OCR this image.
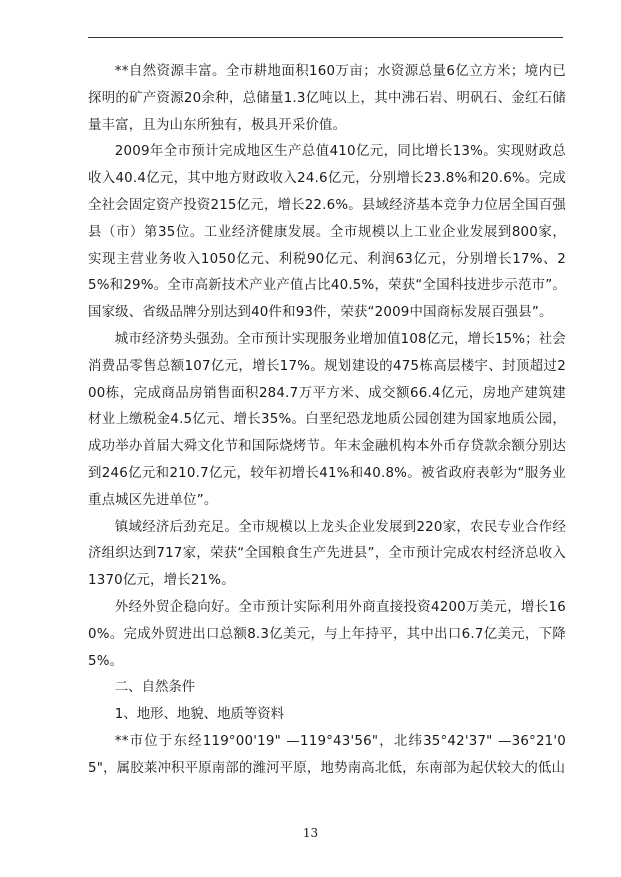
**自然资源丰富。全市耕地面积160万亩；水资源总量6亿立方米；境内已探明的矿产资源20余种，总储量1.3亿吨以上，其中沸石岩、明矾石、金红石储量丰富，且为山东所独有，极具开采价值。

2009年全市预计完成地区生产总值410亿元，同比增长13%。实现财政总收入40.4亿元，其中地方财政收入24.6亿元，分别增长23.8%和20.6%。完成全社会固定资产投资215亿元，增长22.6%。县域经济基本竞争力位居全国百强县（市）第35位。工业经济健康发展。全市规模以上工业企业发展到800家，实现主营业务收入1050亿元、利税90亿元、利润63亿元，分别增长17%、25%和29%。全市高新技术产业产值占比40.5%，荣获“全国科技进步示范市”。国家级、省级品牌分别达到40件和93件，荣获“2009中国商标发展百强县”。

城市经济势头强劲。全市预计实现服务业增加值108亿元，增长15%；社会消费品零售总额107亿元，增长17%。规划建设的475栋高层楼宇、封顶超过200栋，完成商品房销售面积284.7万平方米、成交额66.4亿元，房地产建筑建材业上缴税金4.5亿元、增长35%。白垩纪恐龙地质公园创建为国家地质公园，成功举办首届大舜文化节和国际烧烤节。年末金融机构本外币存贷款余额分别达到246亿元和210.7亿元，较年初增长41%和40.8%。被省政府表彰为“服务业重点城区先进单位”。

镇域经济后劲充足。全市规模以上龙头企业发展到220家，农民专业合作经济组织达到717家，荣获“全国粮食生产先进县”，全市预计完成农村经济总收入1370亿元，增长21%。

外经外贸企稳向好。全市预计实际利用外商直接投资4200万美元，增长160%。完成外贸进出口总额8.3亿美元，与上年持平，其中出口6.7亿美元，下降5%。

二、自然条件

1、地形、地貌、地质等资料

**市位于东经119°00'19" —119°43'56"，北纬35°42'37" —36°21'05"，属胶莱冲积平原南部的潍河平原，地势南高北低，东南部为起伏较大的低山

13
